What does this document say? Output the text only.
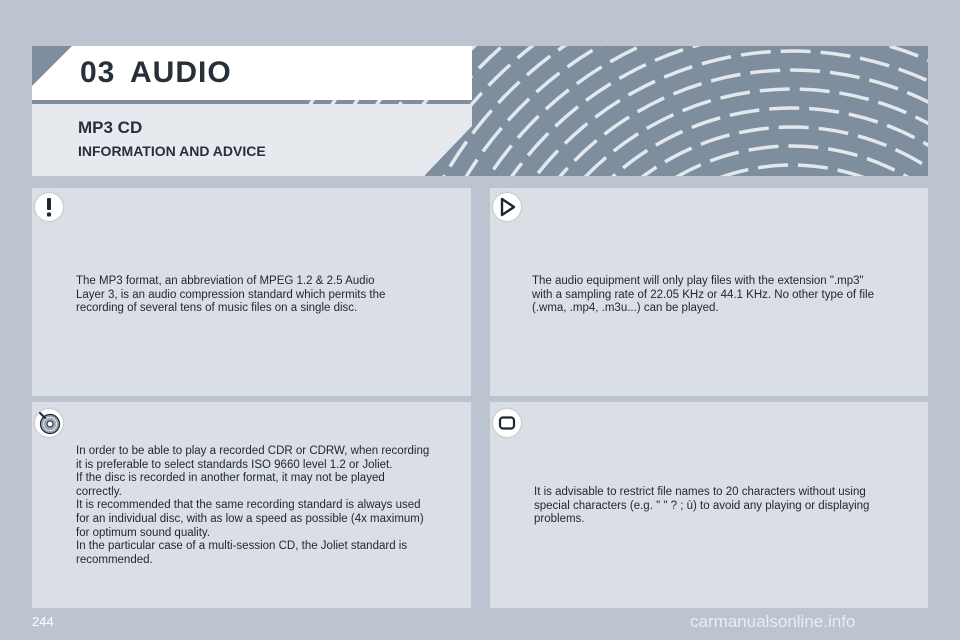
03 AUDIO
MP3 CD
INFORMATION AND ADVICE

The MP3 format, an abbreviation of MPEG 1.2 & 2.5 Audio
Layer 3, is an audio compression standard which permits the
recording of several tens of music files on a single disc.

The audio equipment will only play files with the extension ".mp3"
with a sampling rate of 22.05 KHz or 44.1 KHz. No other type of file
(.wma, .mp4, .m3u...) can be played.

In order to be able to play a recorded CDR or CDRW, when recording
it is preferable to select standards ISO 9660 level 1.2 or Joliet.
If the disc is recorded in another format, it may not be played
correctly.
It is recommended that the same recording standard is always used
for an individual disc, with as low a speed as possible (4x maximum)
for optimum sound quality.
In the particular case of a multi-session CD, the Joliet standard is
recommended.

It is advisable to restrict file names to 20 characters without using
special characters (e.g. " " ? ; ù) to avoid any playing or displaying
problems.

244	carmanualsonline.info
